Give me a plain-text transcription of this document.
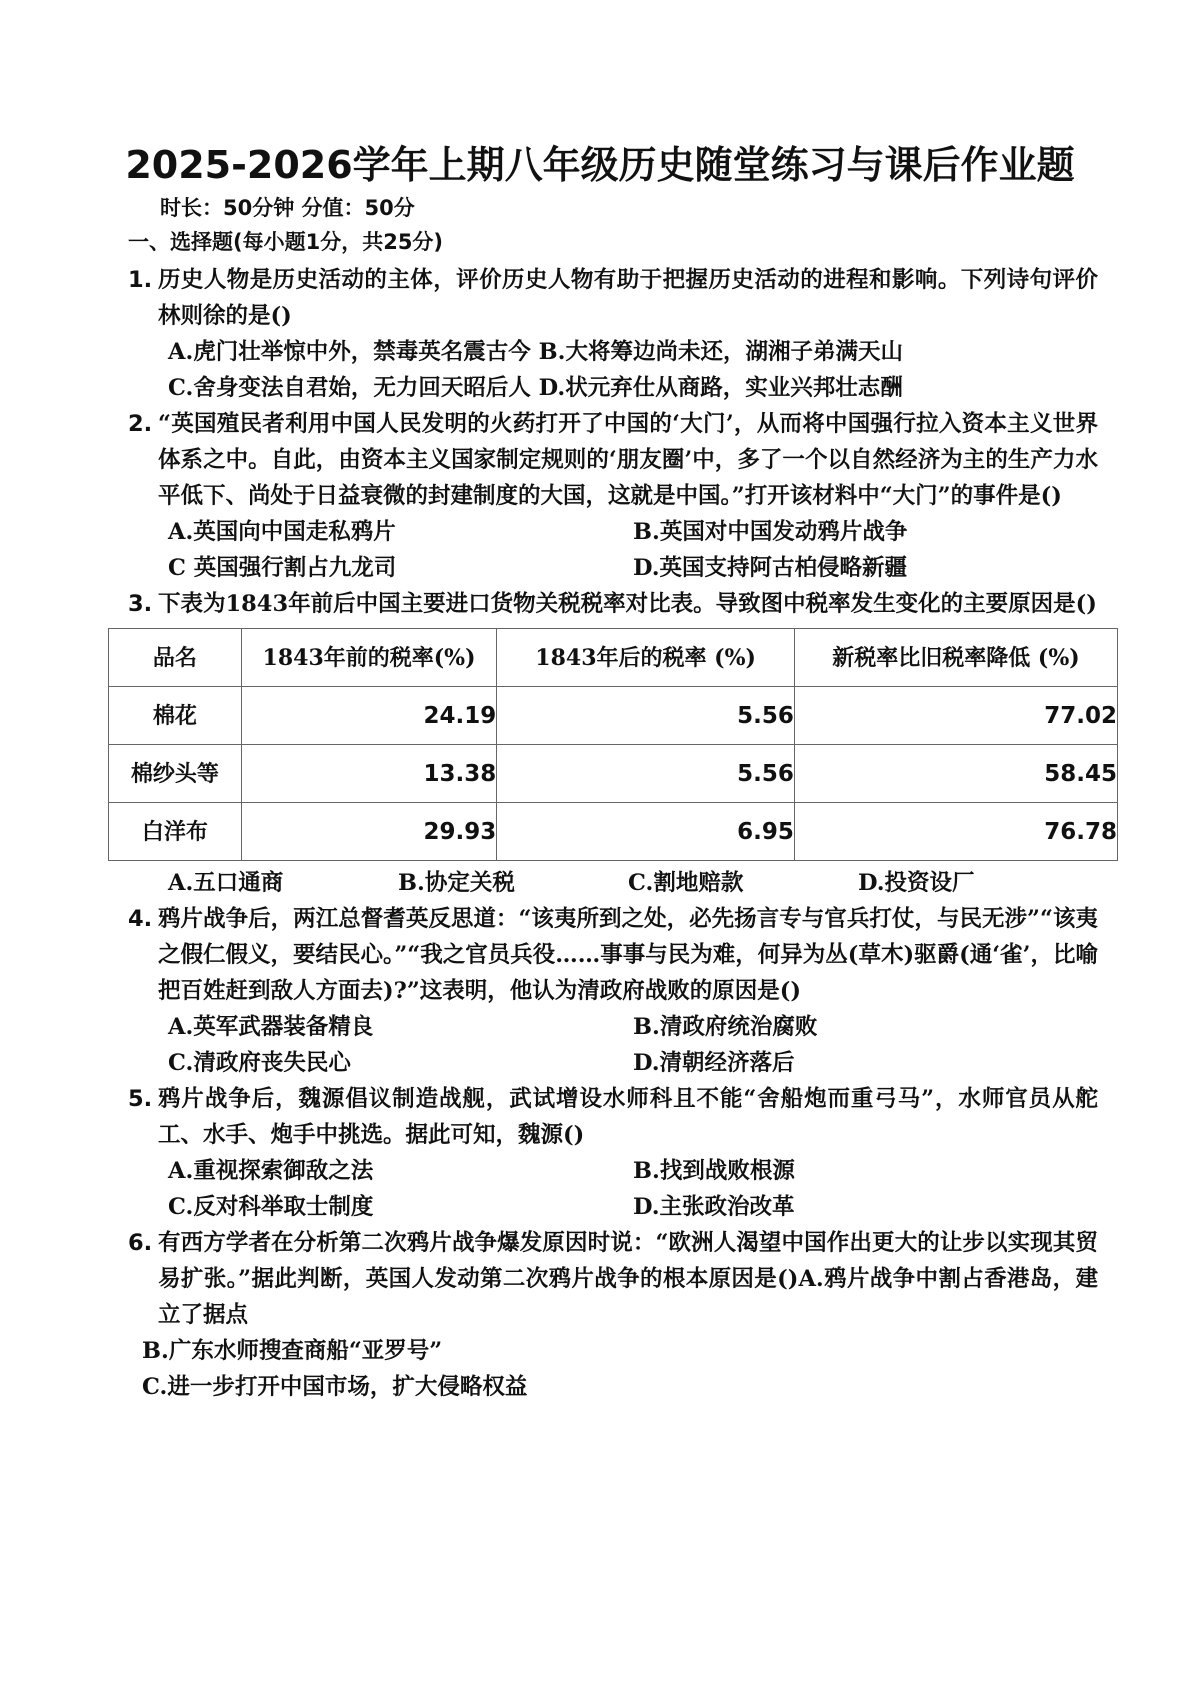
2025-2026学年上期八年级历史随堂练习与课后作业题
时长：50分钟 分值：50分
一、选择题(每小题1分，共25分)
1. 历史人物是历史活动的主体，评价历史人物有助于把握历史活动的进程和影响。下列诗句评价林则徐的是()
A.虎门壮举惊中外，禁毒英名震古今 B.大将筹边尚未还，湖湘子弟满天山
C.舍身变法自君始，无力回天昭后人 D.状元弃仕从商路，实业兴邦壮志酬
2. “英国殖民者利用中国人民发明的火药打开了中国的‘大门’，从而将中国强行拉入资本主义世界体系之中。自此，由资本主义国家制定规则的‘朋友圈’中，多了一个以自然经济为主的生产力水平低下、尚处于日益衰微的封建制度的大国，这就是中国。”打开该材料中“大门”的事件是()
A.英国向中国走私鸦片	B.英国对中国发动鸦片战争
C 英国强行割占九龙司	D.英国支持阿古柏侵略新疆
3. 下表为1843年前后中国主要进口货物关税税率对比表。导致图中税率发生变化的主要原因是()
品名	1843年前的税率(%)	1843年后的税率 (%)	新税率比旧税率降低 (%)
棉花	24.19	5.56	77.02
棉纱头等	13.38	5.56	58.45
白洋布	29.93	6.95	76.78
A.五口通商	B.协定关税	C.割地赔款	D.投资设厂
4. 鸦片战争后，两江总督耆英反思道：“该夷所到之处，必先扬言专与官兵打仗，与民无涉”“该夷之假仁假义，要结民心。”“我之官员兵役……事事与民为难，何异为丛(草木)驱爵(通‘雀’，比喻把百姓赶到敌人方面去)?”这表明，他认为清政府战败的原因是()
A.英军武器装备精良	B.清政府统治腐败
C.清政府丧失民心	D.清朝经济落后
5. 鸦片战争后，魏源倡议制造战舰，武试增设水师科且不能“舍船炮而重弓马”，水师官员从舵工、水手、炮手中挑选。据此可知，魏源()
A.重视探索御敌之法	B.找到战败根源
C.反对科举取士制度	D.主张政治改革
6. 有西方学者在分析第二次鸦片战争爆发原因时说：“欧洲人渴望中国作出更大的让步以实现其贸易扩张。”据此判断，英国人发动第二次鸦片战争的根本原因是()A.鸦片战争中割占香港岛，建立了据点
B.广东水师搜查商船“亚罗号”
C.进一步打开中国市场，扩大侵略权益
